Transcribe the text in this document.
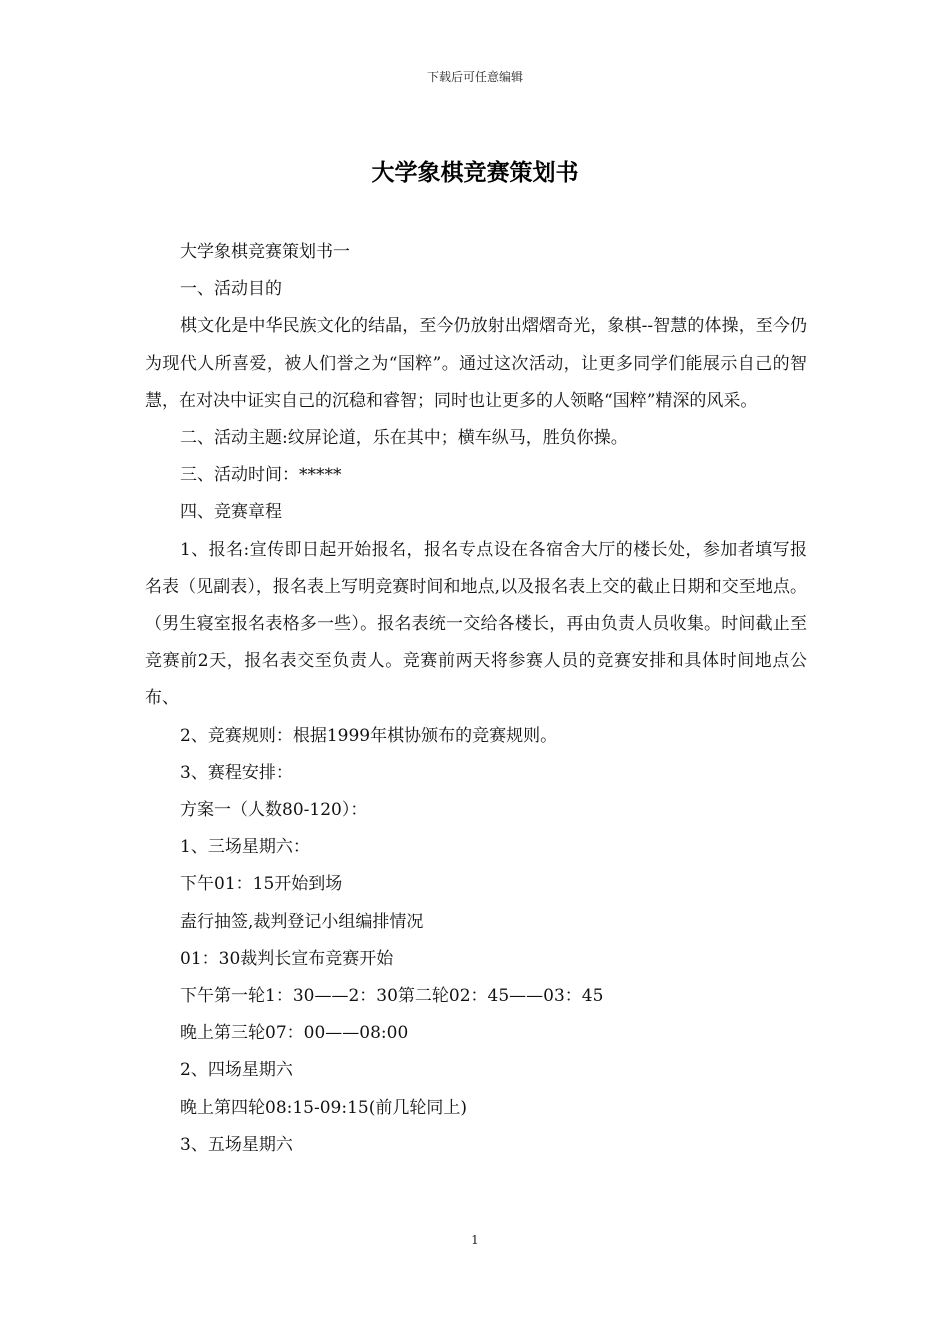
下载后可任意编辑
大学象棋竞赛策划书

大学象棋竞赛策划书一

一、活动目的

棋文化是中华民族文化的结晶，至今仍放射出熠熠奇光，象棋--智慧的体操，至今仍为现代人所喜爱，被人们誉之为“国粹”。通过这次活动，让更多同学们能展示自己的智慧，在对决中证实自己的沉稳和睿智；同时也让更多的人领略“国粹”精深的风采。

二、活动主题:纹屏论道，乐在其中；横车纵马，胜负你操。

三、活动时间：*****

四、竞赛章程

1、报名:宣传即日起开始报名，报名专点设在各宿舍大厅的楼长处，参加者填写报名表（见副表），报名表上写明竞赛时间和地点,以及报名表上交的截止日期和交至地点。（男生寝室报名表格多一些）。报名表统一交给各楼长，再由负责人员收集。时间截止至竞赛前2天，报名表交至负责人。竞赛前两天将参赛人员的竞赛安排和具体时间地点公布、

2、竞赛规则：根据1999年棋协颁布的竞赛规则。

3、赛程安排：

方案一（人数80-120）：

1、三场星期六：

下午01：15开始到场

盍行抽签,裁判登记小组编排情况

01：30裁判长宣布竞赛开始

下午第一轮1：30——2：30第二轮02：45——03：45

晚上第三轮07：00——08:00

2、四场星期六

晚上第四轮08:15-09:15(前几轮同上)

3、五场星期六

1
